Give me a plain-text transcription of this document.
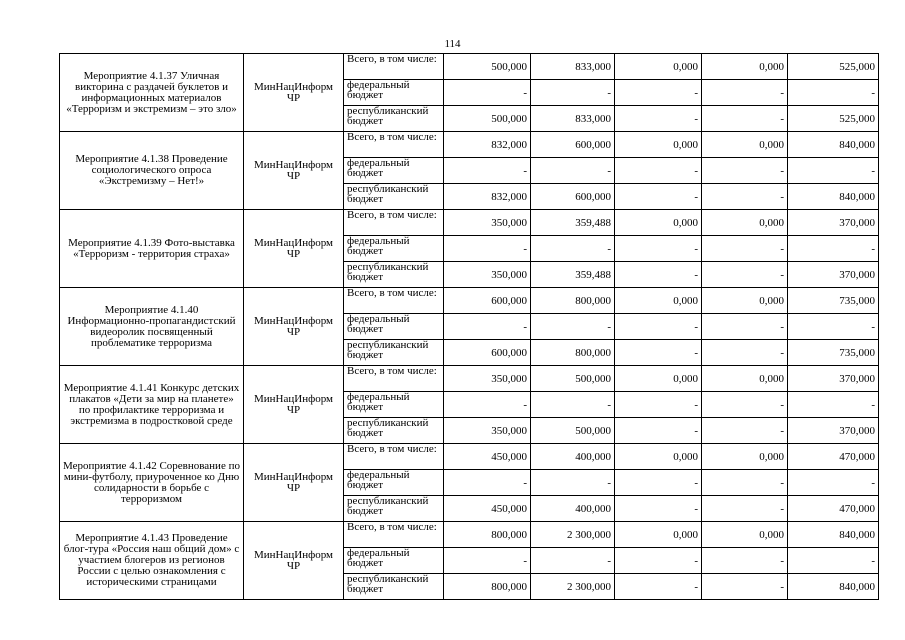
114
Мероприятие 4.1.37 Уличная викторина с раздачей буклетов и информационных материалов «Терроризм и экстремизм – это зло»	МинНацИнформ ЧР	Всего, в том числе:	500,000	833,000	0,000	0,000	525,000
		федеральный бюджет	-	-	-	-	-
		республиканский бюджет	500,000	833,000	-	-	525,000
Мероприятие 4.1.38 Проведение социологического опроса «Экстремизму – Нет!»	МинНацИнформ ЧР	Всего, в том числе:	832,000	600,000	0,000	0,000	840,000
		федеральный бюджет	-	-	-	-	-
		республиканский бюджет	832,000	600,000	-	-	840,000
Мероприятие 4.1.39 Фото-выставка «Терроризм - территория страха»	МинНацИнформ ЧР	Всего, в том числе:	350,000	359,488	0,000	0,000	370,000
		федеральный бюджет	-	-	-	-	-
		республиканский бюджет	350,000	359,488	-	-	370,000
Мероприятие 4.1.40 Информационно-пропагандистский видеоролик посвященный проблематике терроризма	МинНацИнформ ЧР	Всего, в том числе:	600,000	800,000	0,000	0,000	735,000
		федеральный бюджет	-	-	-	-	-
		республиканский бюджет	600,000	800,000	-	-	735,000
Мероприятие 4.1.41 Конкурс детских плакатов «Дети за мир на планете» по профилактике терроризма и экстремизма в подростковой среде	МинНацИнформ ЧР	Всего, в том числе:	350,000	500,000	0,000	0,000	370,000
		федеральный бюджет	-	-	-	-	-
		республиканский бюджет	350,000	500,000	-	-	370,000
Мероприятие 4.1.42 Соревнование по мини-футболу, приуроченное ко Дню солидарности в борьбе с терроризмом	МинНацИнформ ЧР	Всего, в том числе:	450,000	400,000	0,000	0,000	470,000
		федеральный бюджет	-	-	-	-	-
		республиканский бюджет	450,000	400,000	-	-	470,000
Мероприятие 4.1.43 Проведение блог-тура «Россия наш общий дом» с участием блогеров из регионов России с целью ознакомления с историческими страницами	МинНацИнформ ЧР	Всего, в том числе:	800,000	2 300,000	0,000	0,000	840,000
		федеральный бюджет	-	-	-	-	-
		республиканский бюджет	800,000	2 300,000	-	-	840,000
